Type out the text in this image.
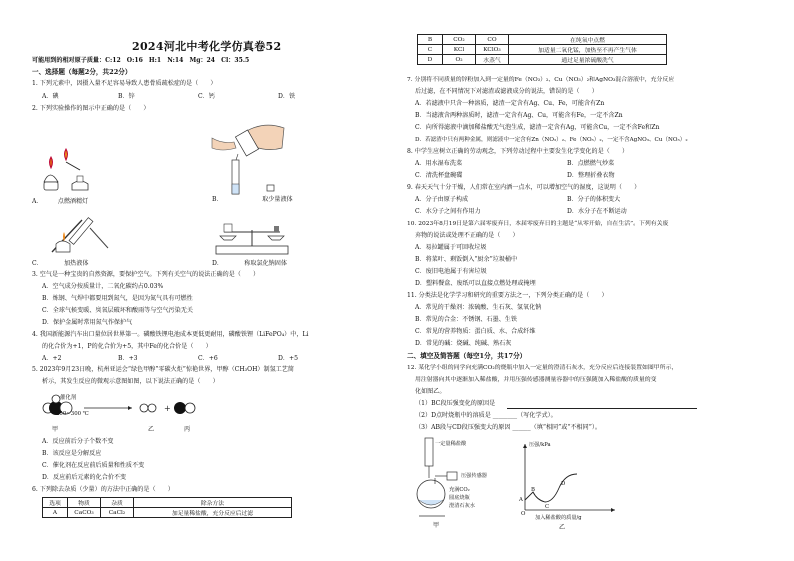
2024河北中考化学仿真卷52
可能用到的相对原子质量：C:12　O:16　H:1　N:14　Mg：24　Cl：35.5
一、选择题（每题2分，共22分）
1. 下列元素中，因摄入量不足容易导致人患骨质疏松症的是（　　）
A．碘	B．锌	C．钙	D．铁
2. 下列实验操作的图示中正确的是（　　）
A．　　　点燃酒精灯	B．　　　　　　　取少量液体
C．　　　　加热液体	D．　　　　称取氯化钠固体
3. 空气是一种宝贵的自然资源，要保护空气。下列有关空气的说法正确的是（　　）
A．空气成分按质量计，二氧化碳约占0.03%
B．炼钢、气焊中都要用到氮气，是因为氮气具有可燃性
C．全球气候变暖、臭氧层破坏和酸雨等与空气污染无关
D．保护金属时常用氮气作保护气
4. 我国新能源汽车出口量位居世界第一。磷酸铁锂电池成本更低更耐用，磷酸铁锂（LiFePO₄）中，Li
的化合价为+1，P的化合价为+5，其中Fe的化合价是（　　）
A．+2	B．+3	C．+6	D．+5
5. 2023年9月23日晚，杭州亚运会“绿色甲醇”零碳火炬”惊艳世界，甲醇（CH₃OH）制氢工艺简
析示，其发生反应的微观示意图如图，以下说法正确的是（　　）
+
催化剂
250~300 ℃
甲	乙	丙
A．反应前后分子个数不变
B．该反应是分解反应
C．催化剂在反应前后质量和性质不变
D．反应前后元素的化合价不变
6. 下列除去杂质（少量）的方法中正确的是（　　）
选项	物质	杂质	除杂方法
A	CaCO₃	CaCl₂	加足量稀盐酸，充分反应后过滤
B	CO₂	CO	在纯氧中点燃
C	KCl	KClO₃	加适量二氧化锰，加热至不再产生气体
D	O₂	水蒸气	通过足量浓硫酸洗气
7. 分别将不同质量的锌粉加入到一定量的Fe（NO₃）₂、Cu（NO₃）₂和AgNO₃混合溶液中，充分反应
后过滤，在不同情况下对滤渣或滤液成分的说法，错误的是（　　）
A．若滤液中只含一种溶质，滤渣一定含有Ag、Cu、Fe，可能含有Zn
B．当滤液含两种溶质时，滤渣一定含有Ag、Cu，可能含有Fe，一定不含Zn
C．向所得滤液中滴加稀盐酸无气泡生成，滤渣一定含有Ag，可能含Cu，一定不含Fe和Zn
D．若滤渣中只有两种金属，则滤液中一定含有Zn（NO₃）₂、Fe（NO₃）₂，一定不含AgNO₃、Cu（NO₃）₂
8. 中学生应树立正确的劳动观念，下列劳动过程中主要发生化学变化的是（　　）
A．用水湿布洗菜	B．点燃燃气炒菜
C．清洗杯盘碗碟	D．整理折叠衣物
9. 春天天气十分干燥，人们常在室内洒一点水，可以增加空气的湿度，这说明（　　）
A．分子由原子构成	B．分子的体积变大
C．水分子之间有作用力	D．水分子在不断运动
10. 2023年8月19日是第六届零废弃日，本届零废弃日的主题是“从零开始，自在生活”。下列有关废
弃物的说法或处理不正确的是（　　）
A．易拉罐属于可回收垃圾
B．将菜叶、剩饭倒入“厨余”垃圾桶中
C．废旧电池属于有害垃圾
D．塑料餐盒、废纸可以直接点燃处理或掩埋
11. 分类法是化学学习和研究的重要方法之一，下列分类正确的是（　　）
A．常见的干燥剂：浓硫酸、生石灰、氢氧化钠
B．常见的合金：不锈钢、石墨、生铁
C．常见的营养物质：蛋白质、水、合成纤维
D．常见的碱：烧碱、纯碱、熟石灰
二、填空及简答题（每空1分，共17分）
12. 某化学小组的同学向充满CO₂的烧瓶中加入一定量的澄清石灰水，充分反应后连接装置如图甲所示，
用注射器向其中逐渐加入稀盐酸，并用压强传感器测量容器中的压强随加入稀盐酸的质量的变
化如图乙。
（1）BC段压强变化的原因是
（2）D点时烧瓶中的溶质是 ________（写化学式）。
（3）AB段与CD段压强变大的原因 ______（填“相同”或“不相同”）。
一定量稀盐酸
压强传感器
充满CO₂
圆底烧瓶
澄清石灰水
甲
压强/kPa
加入稀盐酸的质量/g
A
B
C
D
O
乙
